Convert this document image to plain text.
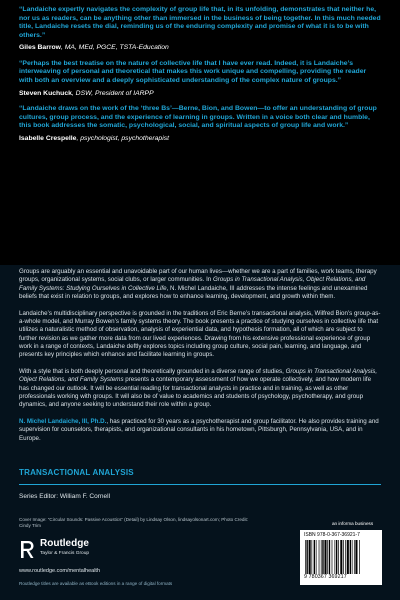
“Landaiche expertly navigates the complexity of group life that, in its unfolding, demonstrates that neither he, nor us as readers, can be anything other than immersed in the business of being together. In this much needed title, Landaiche resets the dial, reminding us of the enduring complexity and promise of what it is to be with others.”
Giles Barrow, MA, MEd, PGCE, TSTA-Education
“Perhaps the best treatise on the nature of collective life that I have ever read. Indeed, it is Landaiche’s interweaving of personal and theoretical that makes this work unique and compelling, providing the reader with both an overview and a deeply sophisticated understanding of the complex nature of groups.”
Steven Kuchuck, DSW, President of IARPP
“Landaiche draws on the work of the ‘three Bs’—Berne, Bion, and Bowen—to offer an understanding of group cultures, group process, and the experience of learning in groups. Written in a voice both clear and humble, this book addresses the somatic, psychological, social, and spiritual aspects of group life and work.”
Isabelle Crespelle, psychologist, psychotherapist

Groups are arguably an essential and unavoidable part of our human lives—whether we are a part of families, work teams, therapy groups, organizational systems, social clubs, or larger communities. In Groups in Transactional Analysis, Object Relations, and Family Systems: Studying Ourselves in Collective Life, N. Michel Landaiche, III addresses the intense feelings and unexamined beliefs that exist in relation to groups, and explores how to enhance learning, development, and growth within them.

Landaiche’s multidisciplinary perspective is grounded in the traditions of Eric Berne’s transactional analysis, Wilfred Bion’s group-as-a-whole model, and Murray Bowen’s family systems theory. The book presents a practice of studying ourselves in collective life that utilizes a naturalistic method of observation, analysis of experiential data, and hypothesis formation, all of which are subject to further revision as we gather more data from our lived experiences. Drawing from his extensive professional experience of group work in a range of contexts, Landaiche deftly explores topics including group culture, social pain, learning, and language, and presents key principles which enhance and facilitate learning in groups.

With a style that is both deeply personal and theoretically grounded in a diverse range of studies, Groups in Transactional Analysis, Object Relations, and Family Systems presents a contemporary assessment of how we operate collectively, and how modern life has changed our outlook. It will be essential reading for transactional analysts in practice and in training, as well as other professionals working with groups. It will also be of value to academics and students of psychology, psychotherapy, and group dynamics, and anyone seeking to understand their role within a group.

N. Michel Landaiche, III, Ph.D., has practiced for 30 years as a psychotherapist and group facilitator. He also provides training and supervision for counselors, therapists, and organizational consultants in his hometown, Pittsburgh, Pennsylvania, USA, and in Europe.

TRANSACTIONAL ANALYSIS
Series Editor: William F. Cornell
Cover Image: “Circular Sounds: Passive Acoustics” (Detail) by Lindsay Olson, lindsayolsonart.com; Photo Credit: Cindy Trim
Routledge
Taylor & Francis Group
www.routledge.com/mentalhealth
Routledge titles are available as eBook editions in a range of digital formats
an informa business
ISBN 978-0-367-36921-7
9 780367 369217
